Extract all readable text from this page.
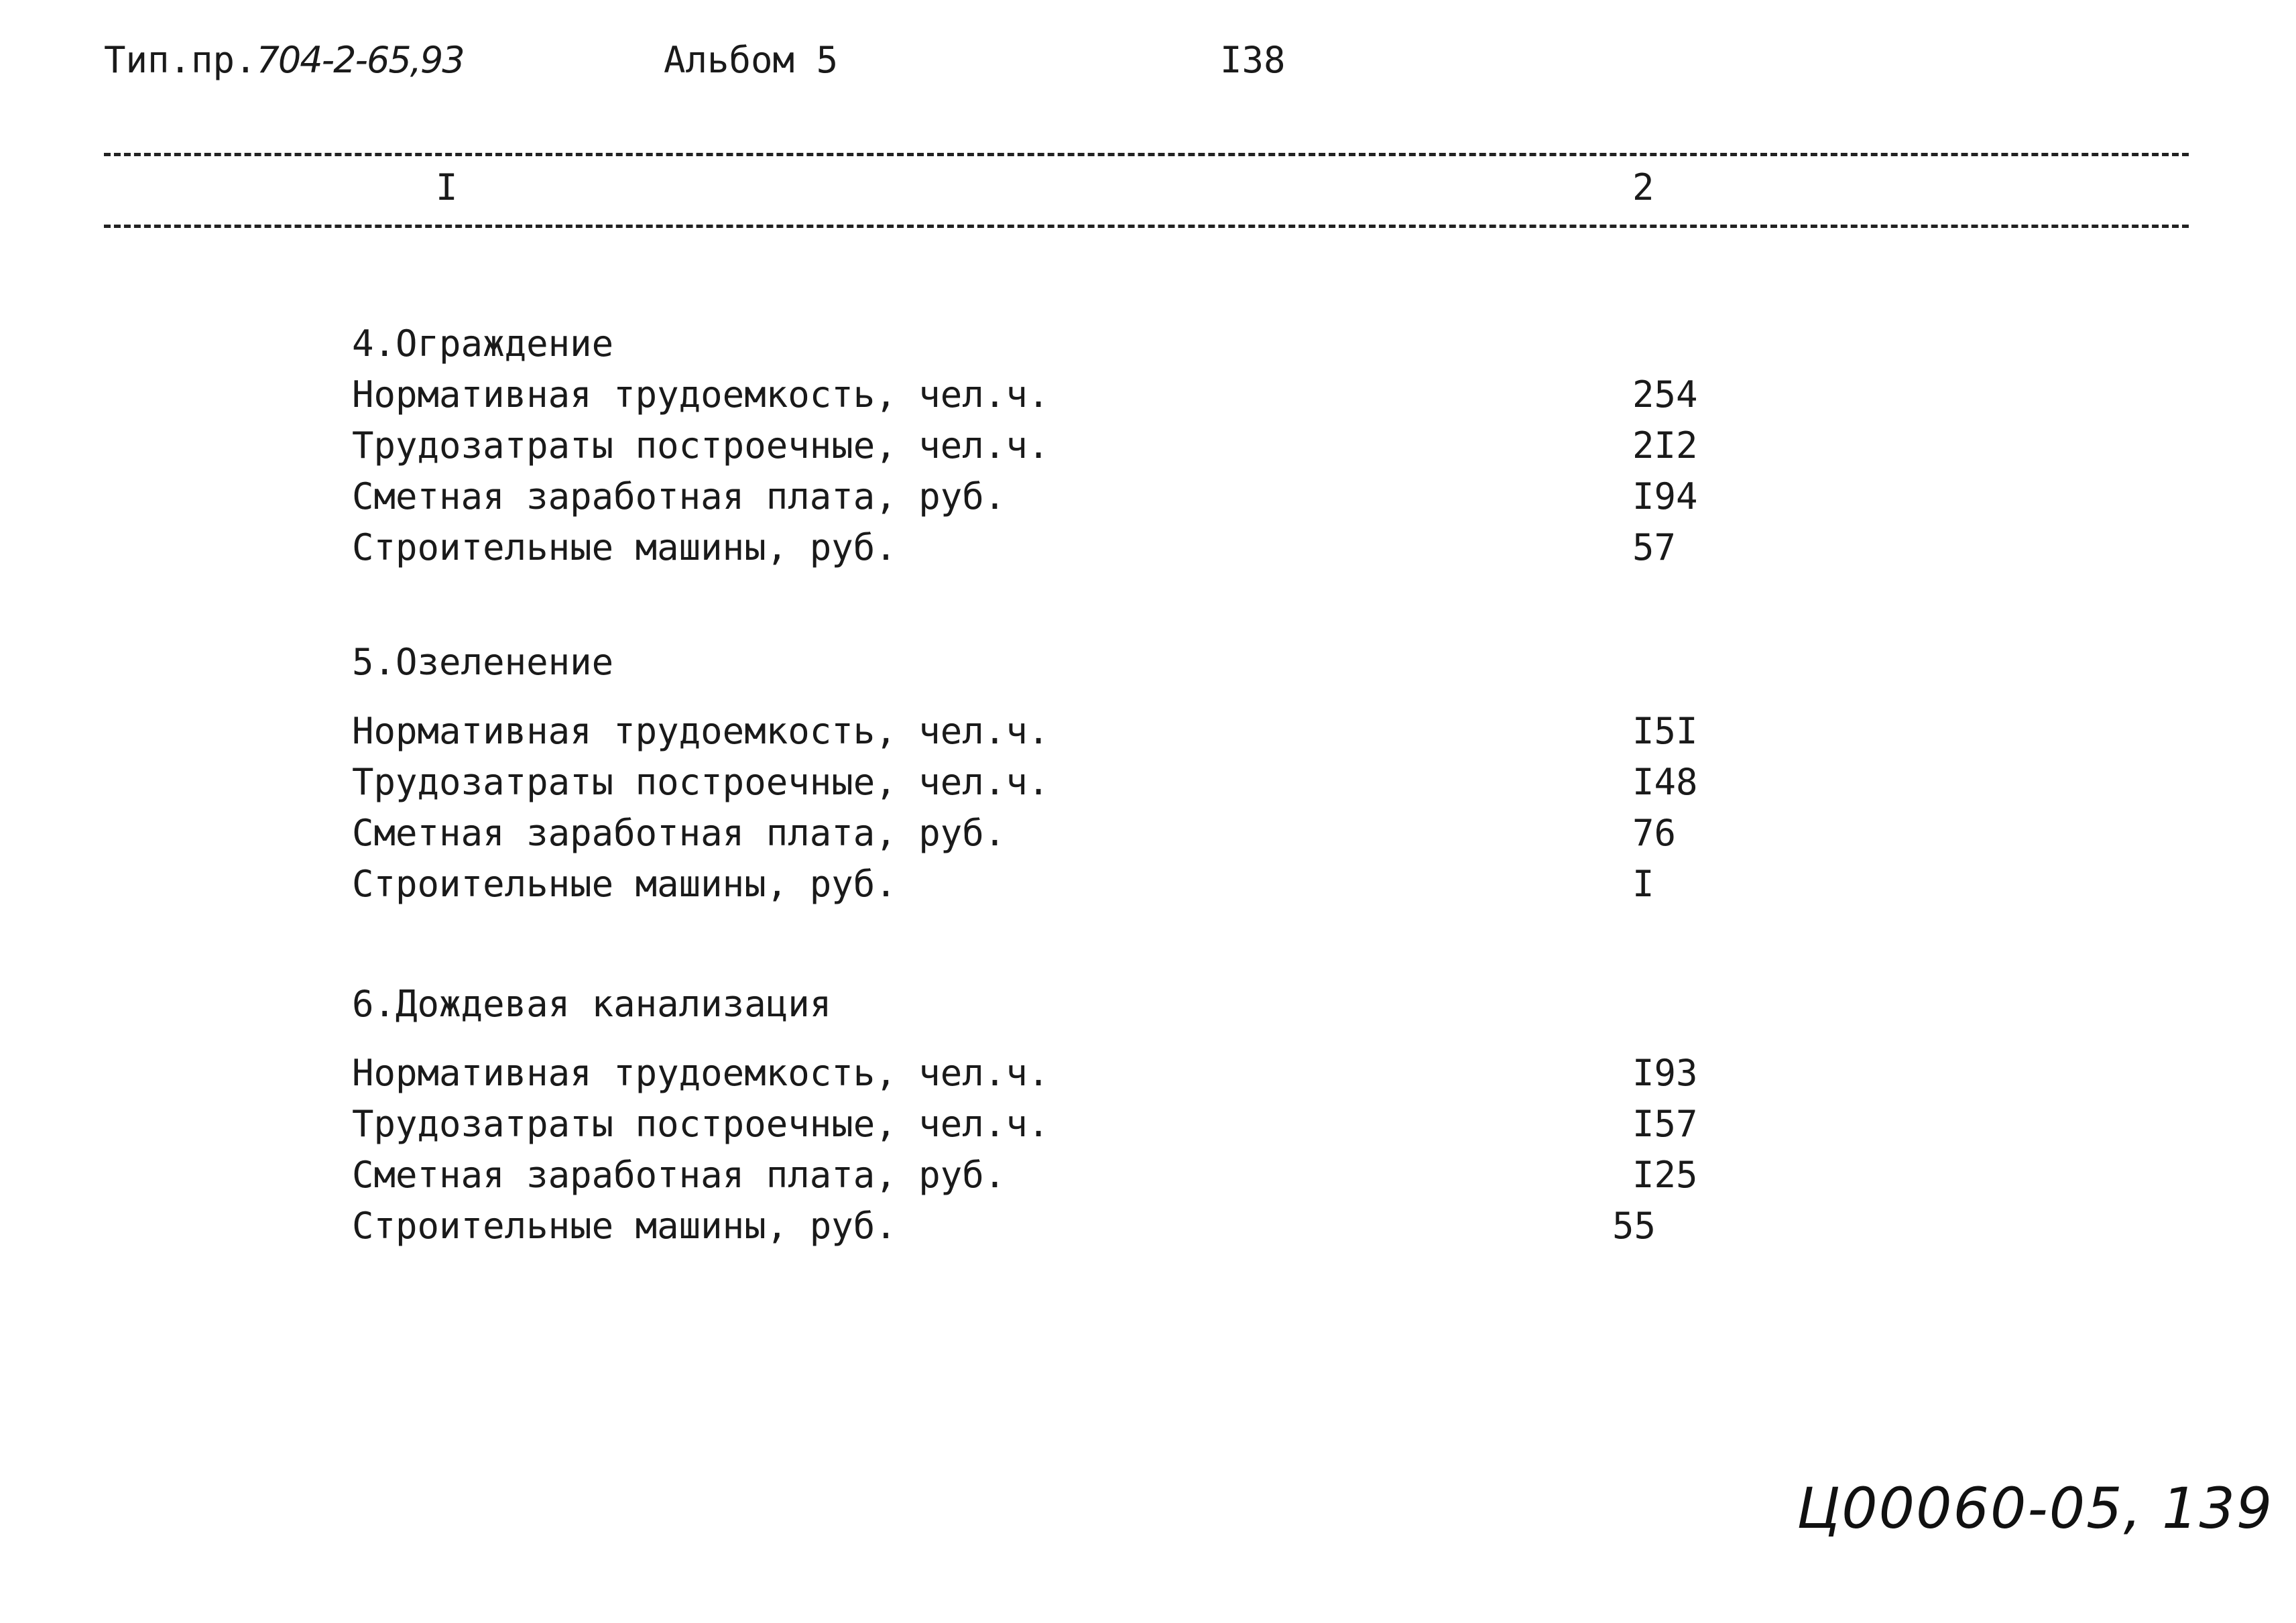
Тип.пр.704-2-65,93	Альбом 5	I38
I	2
4.Ограждение
Нормативная трудоемкость, чел.ч.	254
Трудозатраты построечные, чел.ч.	2I2
Сметная заработная плата, руб.	I94
Строительные машины, руб.	57
5.Озеленение
Нормативная трудоемкость, чел.ч.	I5I
Трудозатраты построечные, чел.ч.	I48
Сметная заработная плата, руб.	76
Строительные машины, руб.	I
6.Дождевая канализация
Нормативная трудоемкость, чел.ч.	I93
Трудозатраты построечные, чел.ч.	I57
Сметная заработная плата, руб.	I25
Строительные машины, руб.	55
Ц00060-05, 139
